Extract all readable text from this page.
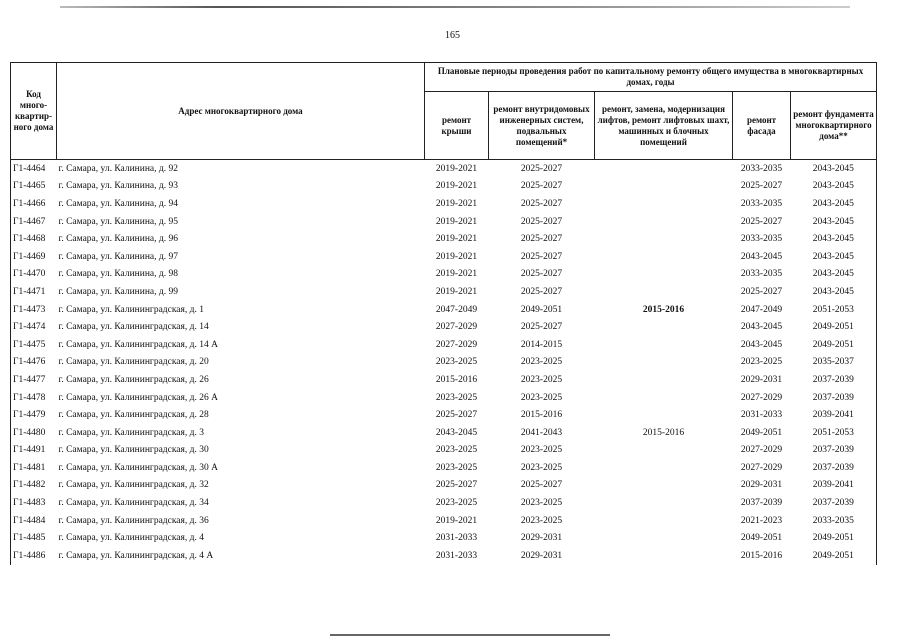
165
Код много-квартир-ного дома	Адрес многоквартирного дома	Плановые периоды проведения работ по капитальному ремонту общего имущества в многоквартирных домах, годы				
		ремонт крыши	ремонт внутридомовых инженерных систем, подвальных помещений*	ремонт, замена, модернизация лифтов, ремонт лифтовых шахт, машинных и блочных помещений	ремонт фасада	ремонт фундамента многоквартирного дома**
Г1-4464	г. Самара, ул. Калинина, д. 92	2019-2021	2025-2027		2033-2035	2043-2045
Г1-4465	г. Самара, ул. Калинина, д. 93	2019-2021	2025-2027		2025-2027	2043-2045
Г1-4466	г. Самара, ул. Калинина, д. 94	2019-2021	2025-2027		2033-2035	2043-2045
Г1-4467	г. Самара, ул. Калинина, д. 95	2019-2021	2025-2027		2025-2027	2043-2045
Г1-4468	г. Самара, ул. Калинина, д. 96	2019-2021	2025-2027		2033-2035	2043-2045
Г1-4469	г. Самара, ул. Калинина, д. 97	2019-2021	2025-2027		2043-2045	2043-2045
Г1-4470	г. Самара, ул. Калинина, д. 98	2019-2021	2025-2027		2033-2035	2043-2045
Г1-4471	г. Самара, ул. Калинина, д. 99	2019-2021	2025-2027		2025-2027	2043-2045
Г1-4473	г. Самара, ул. Калининградская, д. 1	2047-2049	2049-2051	2015-2016	2047-2049	2051-2053
Г1-4474	г. Самара, ул. Калининградская, д. 14	2027-2029	2025-2027		2043-2045	2049-2051
Г1-4475	г. Самара, ул. Калининградская, д. 14 А	2027-2029	2014-2015		2043-2045	2049-2051
Г1-4476	г. Самара, ул. Калининградская, д. 20	2023-2025	2023-2025		2023-2025	2035-2037
Г1-4477	г. Самара, ул. Калининградская, д. 26	2015-2016	2023-2025		2029-2031	2037-2039
Г1-4478	г. Самара, ул. Калининградская, д. 26 А	2023-2025	2023-2025		2027-2029	2037-2039
Г1-4479	г. Самара, ул. Калининградская, д. 28	2025-2027	2015-2016		2031-2033	2039-2041
Г1-4480	г. Самара, ул. Калининградская, д. 3	2043-2045	2041-2043	2015-2016	2049-2051	2051-2053
Г1-4491	г. Самара, ул. Калининградская, д. 30	2023-2025	2023-2025		2027-2029	2037-2039
Г1-4481	г. Самара, ул. Калининградская, д. 30 А	2023-2025	2023-2025		2027-2029	2037-2039
Г1-4482	г. Самара, ул. Калининградская, д. 32	2025-2027	2025-2027		2029-2031	2039-2041
Г1-4483	г. Самара, ул. Калининградская, д. 34	2023-2025	2023-2025		2037-2039	2037-2039
Г1-4484	г. Самара, ул. Калининградская, д. 36	2019-2021	2023-2025		2021-2023	2033-2035
Г1-4485	г. Самара, ул. Калининградская, д. 4	2031-2033	2029-2031		2049-2051	2049-2051
Г1-4486	г. Самара, ул. Калининградская, д. 4 А	2031-2033	2029-2031		2015-2016	2049-2051
